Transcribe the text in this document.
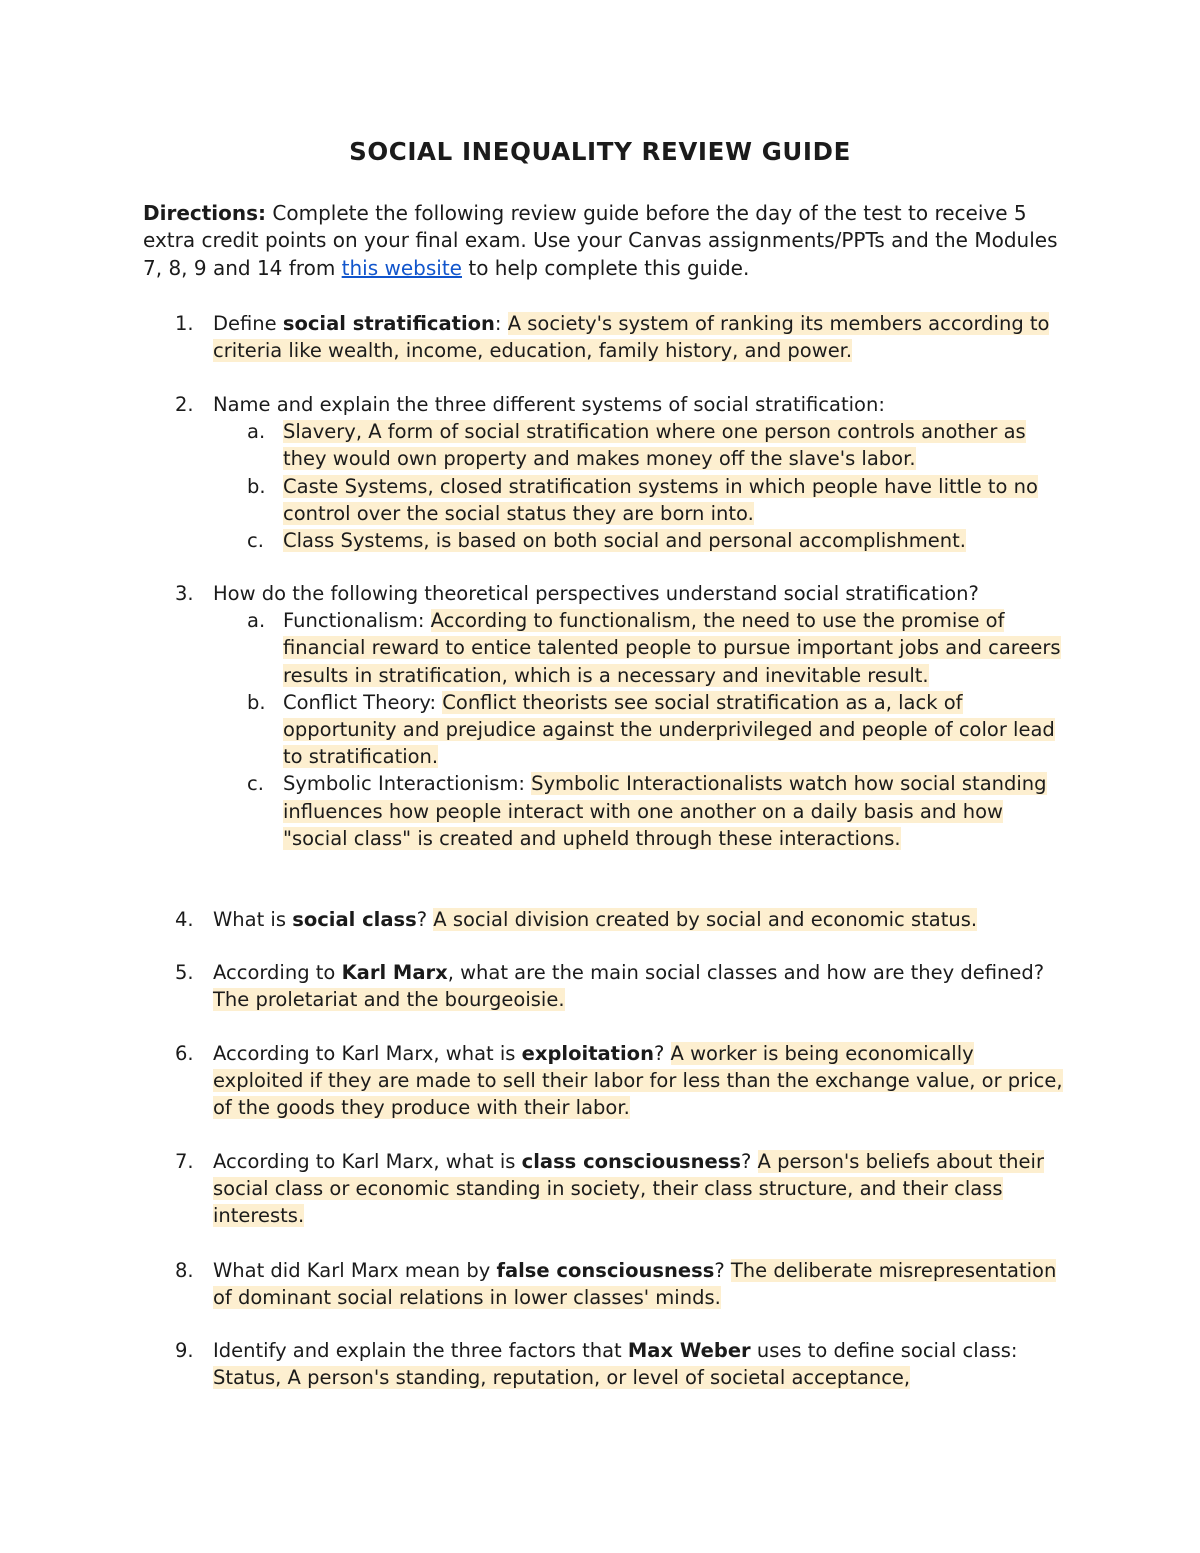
SOCIAL INEQUALITY REVIEW GUIDE

Directions: Complete the following review guide before the day of the test to receive 5 extra credit points on your final exam. Use your Canvas assignments/PPTs and the Modules 7, 8, 9 and 14 from this website to help complete this guide.

1. Define social stratification: A society's system of ranking its members according to criteria like wealth, income, education, family history, and power.
2. Name and explain the three different systems of social stratification:
a. Slavery, A form of social stratification where one person controls another as they would own property and makes money off the slave's labor.
b. Caste Systems, closed stratification systems in which people have little to no control over the social status they are born into.
c. Class Systems, is based on both social and personal accomplishment.
3. How do the following theoretical perspectives understand social stratification?
a. Functionalism: According to functionalism, the need to use the promise of financial reward to entice talented people to pursue important jobs and careers results in stratification, which is a necessary and inevitable result.
b. Conflict Theory: Conflict theorists see social stratification as a, lack of opportunity and prejudice against the underprivileged and people of color lead to stratification.
c. Symbolic Interactionism: Symbolic Interactionalists watch how social standing influences how people interact with one another on a daily basis and how "social class" is created and upheld through these interactions.
4. What is social class? A social division created by social and economic status.
5. According to Karl Marx, what are the main social classes and how are they defined? The proletariat and the bourgeoisie.
6. According to Karl Marx, what is exploitation? A worker is being economically exploited if they are made to sell their labor for less than the exchange value, or price, of the goods they produce with their labor.
7. According to Karl Marx, what is class consciousness? A person's beliefs about their social class or economic standing in society, their class structure, and their class interests.
8. What did Karl Marx mean by false consciousness? The deliberate misrepresentation of dominant social relations in lower classes' minds.
9. Identify and explain the three factors that Max Weber uses to define social class: Status, A person's standing, reputation, or level of societal acceptance,
